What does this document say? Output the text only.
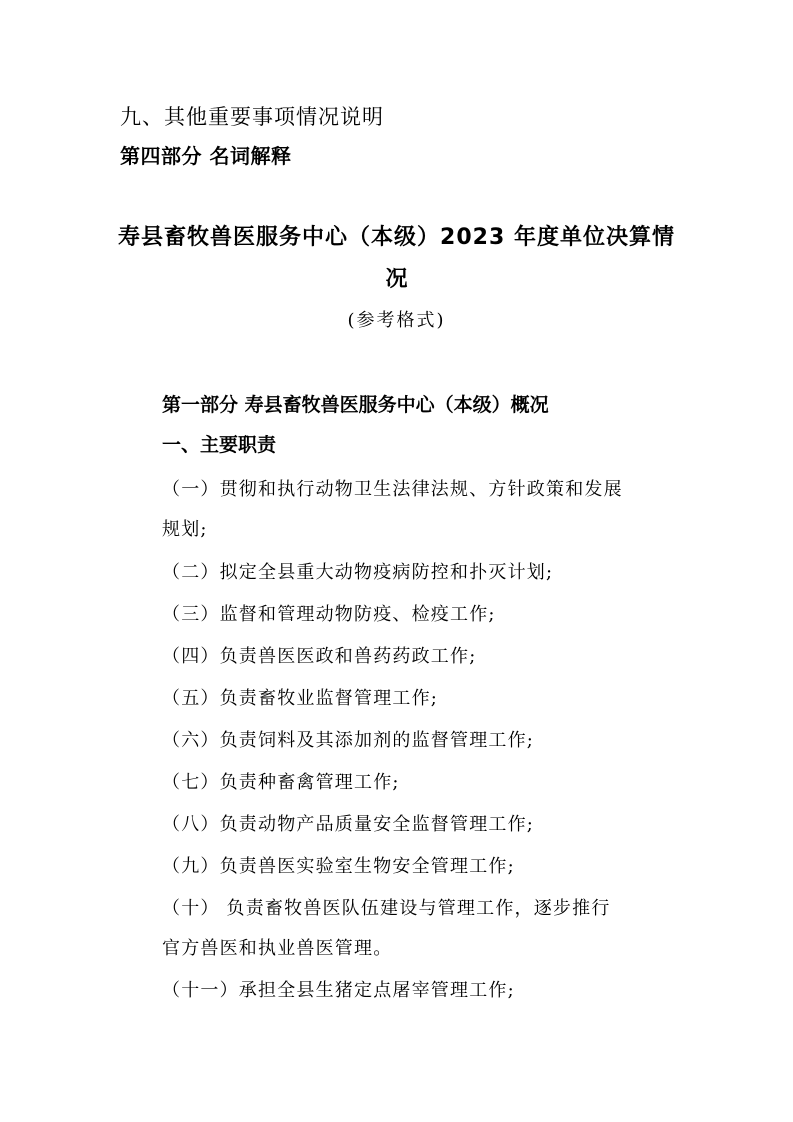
九、其他重要事项情况说明
第四部分 名词解释
寿县畜牧兽医服务中心（本级）2023 年度单位决算情
况
(参考格式)
第一部分 寿县畜牧兽医服务中心（本级）概况
一、主要职责
（一）贯彻和执行动物卫生法律法规、方针政策和发展
规划;
（二）拟定全县重大动物疫病防控和扑灭计划;
（三）监督和管理动物防疫、检疫工作;
（四）负责兽医医政和兽药药政工作;
（五）负责畜牧业监督管理工作;
（六）负责饲料及其添加剂的监督管理工作;
（七）负责种畜禽管理工作;
（八）负责动物产品质量安全监督管理工作;
（九）负责兽医实验室生物安全管理工作;
（十） 负责畜牧兽医队伍建设与管理工作，逐步推行
官方兽医和执业兽医管理。
（十一）承担全县生猪定点屠宰管理工作;
